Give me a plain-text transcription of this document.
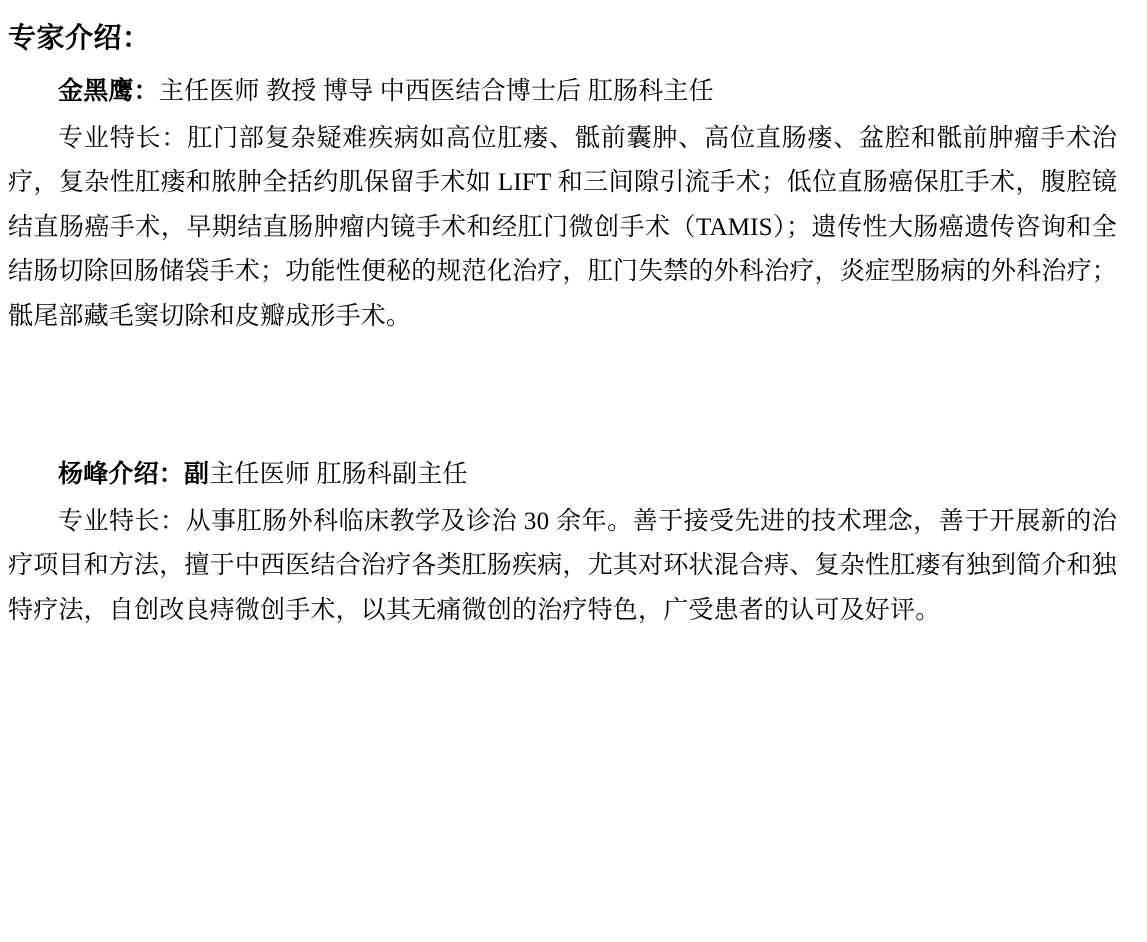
专家介绍：

金黑鹰：主任医师 教授 博导 中西医结合博士后 肛肠科主任

专业特长：肛门部复杂疑难疾病如高位肛瘘、骶前囊肿、高位直肠瘘、盆腔和骶前肿瘤手术治疗，复杂性肛瘘和脓肿全括约肌保留手术如 LIFT 和三间隙引流手术；低位直肠癌保肛手术，腹腔镜结直肠癌手术，早期结直肠肿瘤内镜手术和经肛门微创手术（TAMIS）；遗传性大肠癌遗传咨询和全结肠切除回肠储袋手术；功能性便秘的规范化治疗，肛门失禁的外科治疗，炎症型肠病的外科治疗；骶尾部藏毛窦切除和皮瓣成形手术。

杨峰介绍：副主任医师 肛肠科副主任

专业特长：从事肛肠外科临床教学及诊治 30 余年。善于接受先进的技术理念，善于开展新的治疗项目和方法，擅于中西医结合治疗各类肛肠疾病，尤其对环状混合痔、复杂性肛瘘有独到简介和独特疗法，自创改良痔微创手术，以其无痛微创的治疗特色，广受患者的认可及好评。
